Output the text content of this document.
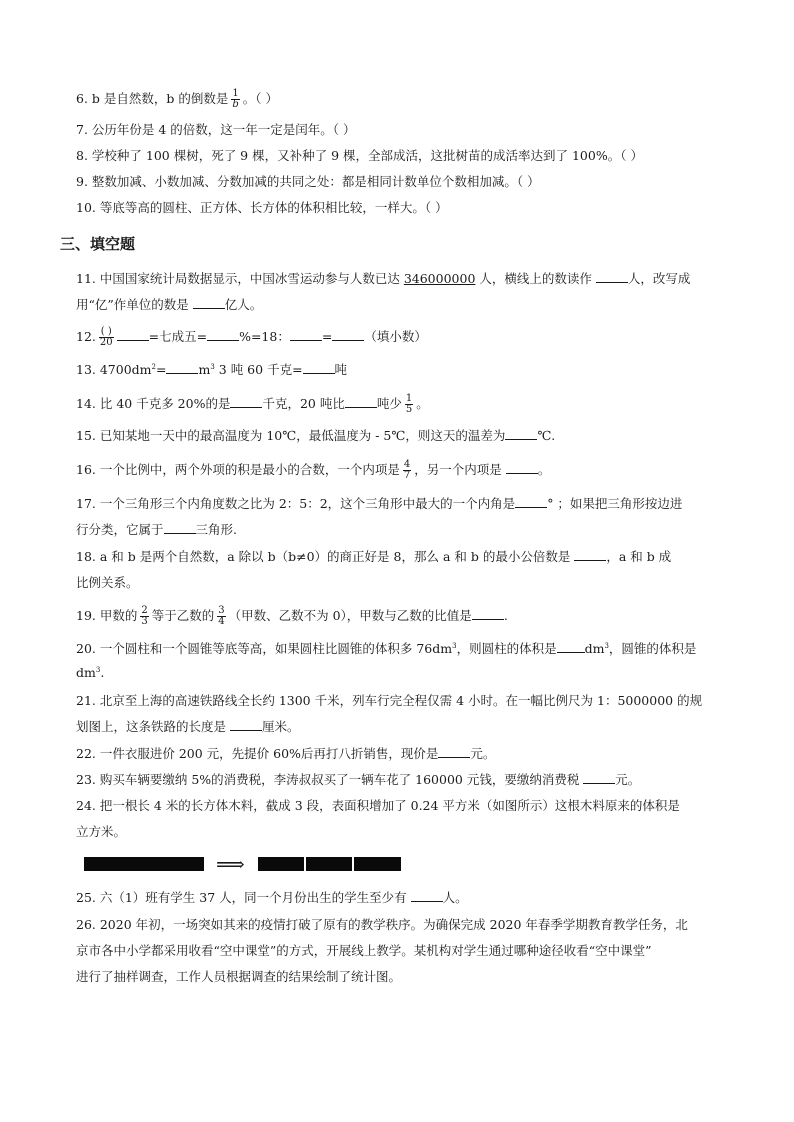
6. b 是自然数，b 的倒数是 $\frac{1}{b}$ 。（ ）
7. 公历年份是 4 的倍数，这一年一定是闰年。（ ）
8. 学校种了 100 棵树，死了 9 棵，又补种了 9 棵，全部成活，这批树苗的成活率达到了 100%。（ ）
9. 整数加减、小数加减、分数加减的共同之处：都是相同计数单位个数相加减。（ ）
10. 等底等高的圆柱、正方体、长方体的体积相比较，一样大。（ ）
三、填空题
11. 中国国家统计局数据显示，中国冰雪运动参与人数已达 346000000 人，横线上的数读作	人，改写成
用“亿”作单位的数是	亿人。
12. $\frac{( )}{20}$	=七成五=	%=18：	=	（填小数）
13. $4700dm^2=$	$m^3$ 3 吨 60 千克=	吨
14. 比 40 千克多 20%的是	千克，20 吨比	吨少 $\frac{1}{5}$ 。
15. 已知某地一天中的最高温度为 10℃，最低温度为 - 5℃，则这天的温差为	℃.
16. 一个比例中，两个外项的积是最小的合数，一个内项是 $\frac{4}{7}$ ，另一个内项是	。
17. 一个三角形三个内角度数之比为 2：5：2，这个三角形中最大的一个内角是	° ；如果把三角形按边进
行分类，它属于	三角形.
18. a 和 b 是两个自然数，a 除以 b（b≠0）的商正好是 8，那么 a 和 b 的最小公倍数是	，a 和 b 成
比例关系。
19. 甲数的 $\frac{2}{3}$ 等于乙数的 $\frac{3}{4}$ （甲数、乙数不为 0），甲数与乙数的比值是	.
20. 一个圆柱和一个圆锥等底等高，如果圆柱比圆锥的体积多 $76dm^3$，则圆柱的体积是 $dm^3$，圆锥的体积是
$dm^3$.
21. 北京至上海的高速铁路线全长约 1300 千米，列车行完全程仅需 4 小时。在一幅比例尺为 1：5000000 的规
划图上，这条铁路的长度是	厘米。
22. 一件衣服进价 200 元，先提价 60%后再打八折销售，现价是	元。
23. 购买车辆要缴纳 5%的消费税，李涛叔叔买了一辆车花了 160000 元钱，要缴纳消费税	元。
24. 把一根长 4 米的长方体木料，截成 3 段，表面积增加了 0.24 平方米（如图所示）这根木料原来的体积是
立方米。
⟹
25. 六（1）班有学生 37 人，同一个月份出生的学生至少有	人。
26. 2020 年初，一场突如其来的疫情打破了原有的教学秩序。为确保完成 2020 年春季学期教育教学任务，北
京市各中小学都采用收看“空中课堂”的方式，开展线上教学。某机构对学生通过哪种途径收看“空中课堂”
进行了抽样调查，工作人员根据调查的结果绘制了统计图。
